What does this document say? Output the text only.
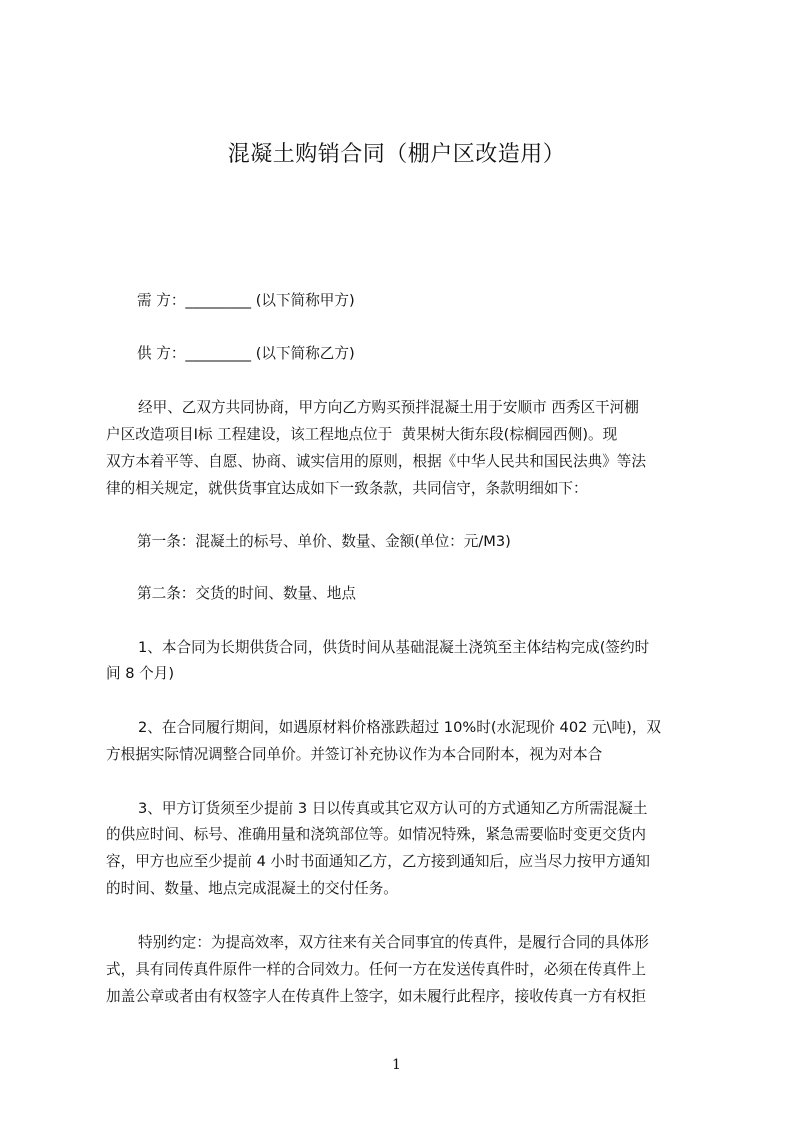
混凝土购销合同（棚户区改造用）

需 方：_________ (以下简称甲方)

供 方：_________ (以下简称乙方)

经甲、乙双方共同协商，甲方向乙方购买预拌混凝土用于安顺市 西秀区干河棚

户区改造项目Ⅰ标 工程建设，该工程地点位于  黄果树大街东段(棕榈园西侧)。现

双方本着平等、自愿、协商、诚实信用的原则，根据《中华人民共和国民法典》等法

律的相关规定，就供货事宜达成如下一致条款，共同信守，条款明细如下：

第一条：混凝土的标号、单价、数量、金额(单位：元/M3)

第二条：交货的时间、数量、地点

1、本合同为长期供货合同，供货时间从基础混凝土浇筑至主体结构完成(签约时

间 8 个月)

2、在合同履行期间，如遇原材料价格涨跌超过 10%时(水泥现价 402 元\吨)，双

方根据实际情况调整合同单价。并签订补充协议作为本合同附本，视为对本合

3、甲方订货须至少提前 3 日以传真或其它双方认可的方式通知乙方所需混凝土

的供应时间、标号、准确用量和浇筑部位等。如情况特殊，紧急需要临时变更交货内

容，甲方也应至少提前 4 小时书面通知乙方，乙方接到通知后，应当尽力按甲方通知

的时间、数量、地点完成混凝土的交付任务。

特别约定：为提高效率，双方往来有关合同事宜的传真件，是履行合同的具体形

式，具有同传真件原件一样的合同效力。任何一方在发送传真件时，必须在传真件上

加盖公章或者由有权签字人在传真件上签字，如未履行此程序，接收传真一方有权拒

1
